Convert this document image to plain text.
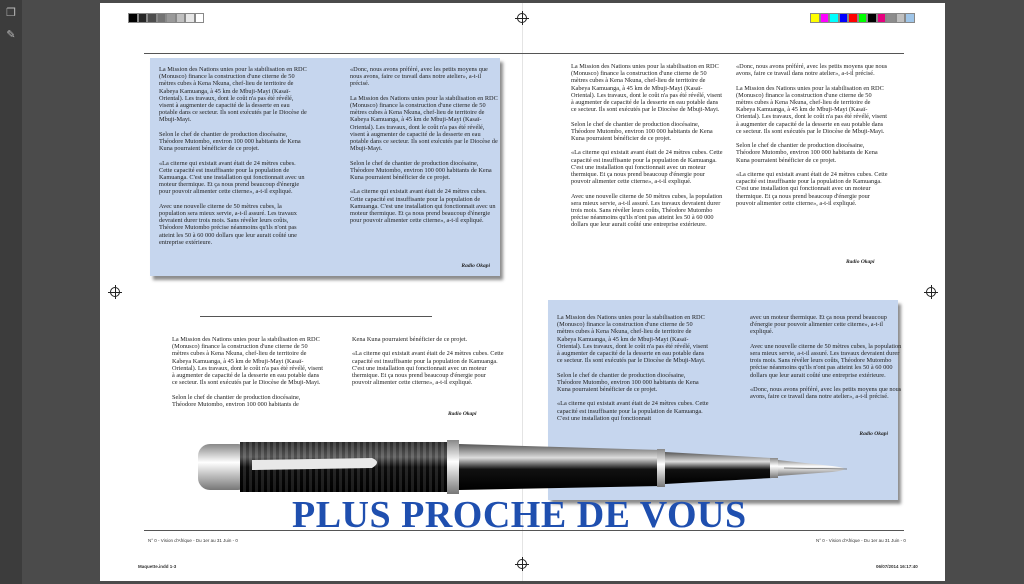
❐
✎

La Mission des Nations unies pour la stabilisation en RDC (Monusco) finance la construction d'une citerne de 50 mètres cubes à Kena Nkuna, chef-lieu de territoire de Kabeya Kamuanga, à 45 km de Mbuji-Mayi (Kasaï-Oriental). Les travaux, dont le coût n'a pas été révélé, visent à augmenter de capacité de la desserte en eau potable dans ce secteur. Ils sont exécutés par le Diocèse de Mbuji-Mayi.

Selon le chef de chantier de production diocésaine, Théodore Mutombo, environ 100 000 habitants de Kena Kuna pourraient bénéficier de ce projet.

«La citerne qui existait avant était de 24 mètres cubes. Cette capacité est insuffisante pour la population de Kamuanga. C'est une installation qui fonctionnait avec un moteur thermique. Et ça nous prend beaucoup d'énergie pour pouvoir alimenter cette citerne», a-t-il expliqué.

Avec une nouvelle citerne de 50 mètres cubes, la population sera mieux servie, a-t-il assuré. Les travaux devraient durer trois mois. Sans révéler leurs coûts, Théodore Mutombo précise néanmoins qu'ils n'ont pas atteint les 50 à 60 000 dollars que leur aurait coûté une entreprise extérieure.

«Donc, nous avons préféré, avec les petits moyens que nous avons, faire ce travail dans notre atelier», a-t-il précisé.

La Mission des Nations unies pour la stabilisation en RDC (Monusco) finance la construction d'une citerne de 50 mètres cubes à Kena Nkuna, chef-lieu de territoire de Kabeya Kamuanga, à 45 km de Mbuji-Mayi (Kasaï-Oriental). Les travaux, dont le coût n'a pas été révélé, visent à augmenter de capacité de la desserte en eau potable dans ce secteur. Ils sont exécutés par le Diocèse de Mbuji-Mayi.

Selon le chef de chantier de production diocésaine, Théodore Mutombo, environ 100 000 habitants de Kena Kuna pourraient bénéficier de ce projet.

«La citerne qui existait avant était de 24 mètres cubes. Cette capacité est insuffisante pour la population de Kamuanga. C'est une installation qui fonctionnait avec un moteur thermique. Et ça nous prend beaucoup d'énergie pour pouvoir alimenter cette citerne», a-t-il expliqué.

Radio Okapi

La Mission des Nations unies pour la stabilisation en RDC (Monusco) finance la construction d'une citerne de 50 mètres cubes à Kena Nkuna, chef-lieu de territoire de Kabeya Kamuanga, à 45 km de Mbuji-Mayi (Kasaï-Oriental). Les travaux, dont le coût n'a pas été révélé, visent à augmenter de capacité de la desserte en eau potable dans ce secteur. Ils sont exécutés par le Diocèse de Mbuji-Mayi.

Selon le chef de chantier de production diocésaine, Théodore Mutombo, environ 100 000 habitants de

Kena Kuna pourraient bénéficier de ce projet.

«La citerne qui existait avant était de 24 mètres cubes. Cette capacité est insuffisante pour la population de Kamuanga. C'est une installation qui fonctionnait avec un moteur thermique. Et ça nous prend beaucoup d'énergie pour pouvoir alimenter cette citerne», a-t-il expliqué.

Radio Okapi

La Mission des Nations unies pour la stabilisation en RDC (Monusco) finance la construction d'une citerne de 50 mètres cubes à Kena Nkuna, chef-lieu de territoire de Kabeya Kamuanga, à 45 km de Mbuji-Mayi (Kasaï-Oriental). Les travaux, dont le coût n'a pas été révélé, visent à augmenter de capacité de la desserte en eau potable dans ce secteur. Ils sont exécutés par le Diocèse de Mbuji-Mayi.

Selon le chef de chantier de production diocésaine, Théodore Mutombo, environ 100 000 habitants de Kena Kuna pourraient bénéficier de ce projet.

«La citerne qui existait avant était de 24 mètres cubes. Cette capacité est insuffisante pour la population de Kamuanga. C'est une installation qui fonctionnait avec un moteur thermique. Et ça nous prend beaucoup d'énergie pour pouvoir alimenter cette citerne», a-t-il expliqué.

Avec une nouvelle citerne de 50 mètres cubes, la population sera mieux servie, a-t-il assuré. Les travaux devraient durer trois mois. Sans révéler leurs coûts, Théodore Mutombo précise néanmoins qu'ils n'ont pas atteint les 50 à 60 000 dollars que leur aurait coûté une entreprise extérieure.

«Donc, nous avons préféré, avec les petits moyens que nous avons, faire ce travail dans notre atelier», a-t-il précisé.

La Mission des Nations unies pour la stabilisation en RDC (Monusco) finance la construction d'une citerne de 50 mètres cubes à Kena Nkuna, chef-lieu de territoire de Kabeya Kamuanga, à 45 km de Mbuji-Mayi (Kasaï-Oriental). Les travaux, dont le coût n'a pas été révélé, visent à augmenter de capacité de la desserte en eau potable dans ce secteur. Ils sont exécutés par le Diocèse de Mbuji-Mayi.

Selon le chef de chantier de production diocésaine, Théodore Mutombo, environ 100 000 habitants de Kena Kuna pourraient bénéficier de ce projet.

«La citerne qui existait avant était de 24 mètres cubes. Cette capacité est insuffisante pour la population de Kamuanga. C'est une installation qui fonctionnait avec un moteur thermique. Et ça nous prend beaucoup d'énergie pour pouvoir alimenter cette citerne», a-t-il expliqué.

Radio Okapi

La Mission des Nations unies pour la stabilisation en RDC (Monusco) finance la construction d'une citerne de 50 mètres cubes à Kena Nkuna, chef-lieu de territoire de Kabeya Kamuanga, à 45 km de Mbuji-Mayi (Kasaï-Oriental). Les travaux, dont le coût n'a pas été révélé, visent à augmenter de capacité de la desserte en eau potable dans ce secteur. Ils sont exécutés par le Diocèse de Mbuji-Mayi.

Selon le chef de chantier de production diocésaine, Théodore Mutombo, environ 100 000 habitants de Kena Kuna pourraient bénéficier de ce projet.

«La citerne qui existait avant était de 24 mètres cubes. Cette capacité est insuffisante pour la population de Kamuanga. C'est une installation qui fonctionnait

avec un moteur thermique. Et ça nous prend beaucoup d'énergie pour pouvoir alimenter cette citerne», a-t-il expliqué.

Avec une nouvelle citerne de 50 mètres cubes, la population sera mieux servie, a-t-il assuré. Les travaux devraient durer trois mois. Sans révéler leurs coûts, Théodore Mutombo précise néanmoins qu'ils n'ont pas atteint les 50 à 60 000 dollars que leur aurait coûté une entreprise extérieure.

«Donc, nous avons préféré, avec les petits moyens que nous avons, faire ce travail dans notre atelier», a-t-il précisé.

Radio Okapi
N° 0 - Vision d'Afrique - Du 1er au 31 Juin - 0	N° 0 - Vision d'Afrique - Du 1er au 31 Juin - 0
Maquette.indd 1-3	06/07/2014 16:17:40
PLUS PROCHE DE VOUS
